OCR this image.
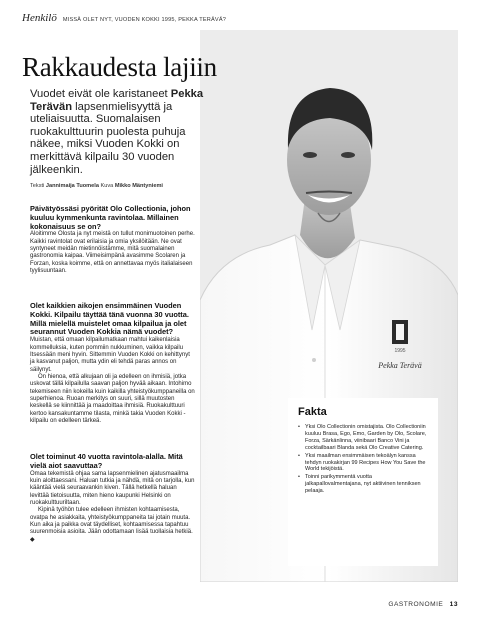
Henkilö MISSÄ OLET NYT, VUODEN KOKKI 1995, PEKKA TERÄVÄ?
1995
Pekka Terävä
Rakkaudesta lajiin

Vuodet eivät ole karistaneet Pekka Terävän lapsenmielisyyttä ja uteliaisuutta. Suomalaisen ruokakulttuurin puolesta puhuja näkee, miksi Vuoden Kokki on merkittävä kilpailu 30 vuoden jälkeenkin.

Teksti Jannimaija Tuomela Kuva Mikko Mäntyniemi

Päivätyössäsi pyörität Olo Collectionia, johon kuuluu kymmenkunta ravintolaa. Millainen kokonaisuus se on?

Aloitimme Olosta ja nyt meistä on tullut monimuotoinen perhe. Kaikki ravintolat ovat erilaisia ja omia yksilöitään. Ne ovat syntyneet meidän mietinnöistämme, mitä suomalainen gastronomia kaipaa. Viimeisimpänä avasimme Scolaren ja Forzan, koska koimme, että on annettavaa myös italialaiseen tyylisuuntaan.

Olet kaikkien aikojen ensimmäinen Vuoden Kokki. Kilpailu täyttää tänä vuonna 30 vuotta. Millä mielellä muistelet omaa kilpailua ja olet seurannut Vuoden Kokkia nämä vuodet?

Muistan, että omaan kilpailumatkaan mahtui kaikenlaisia kommelluksia, kuten pommiin nukkuminen, vaikka kilpailu Itsessään meni hyvin. Sittemmin Vuoden Kokki on kehittynyt ja kasvanut paljon, mutta ydin eli tehdä paras annos on säilynyt.

On hienoa, että alkujaan oli ja edelleen on ihmisiä, jotka uskovat tällä kilpailulla saavan paljon hyvää aikaan. Intohimo tekemiseen niin kokeilla kuin kaikilla yhteistyökumppaneilla on superhienoa. Ruoan merkitys on suuri, sillä muutosten keskellä se kiinnittää ja maadoittaa ihmisiä. Ruokakulttuuri kertoo kansakuntamme tilasta, minkä takia Vuoden Kokki -kilpailu on edelleen tärkeä.

Olet toiminut 40 vuotta ravintola-alalla. Mitä vielä aiot saavuttaa?

Omaa tekemistä ohjaa sama lapsenmielinen ajatusmaailma kuin aloittaessani. Haluan tutkia ja nähdä, mitä on tarjolla, kun kääntää vielä seuraavankin kiven. Tällä hetkellä haluan levittää tietoisuutta, miten hieno kaupunki Helsinki on ruokakulttuuriltaan.

Kipinä työhön tulee edelleen ihmisten kohtaamisesta, ovatpa he asiakkaita, yhteistyökumppaneita tai jotain muuta. Kun aika ja paikka ovat täydelliset, kohtaamisessa tapahtuu suurenmoisia asioita. Jään odottamaan lisää tuollaisia hetkiä. ◆

Fakta
• Yksi Olo Collectionin omistajista. Olo Collectioniin kuuluu Brasa, Ego, Emo, Garden by Olo, Scolare, Forza, Särkänlinna, viinibaari Banco Vini ja cocktailbaari Blanda sekä Olo Creative Catering.
• Yksi maailman ensimmäisen tekoälyn kanssa tehdyn ruokakirjan 99 Recipes How You Save the World tekijöistä.
• Toinni parikymmentä vuotta jalkapallovalmentajana, nyt aktiivinen tenniksen pelaaja.
GASTRONOMIE 13
